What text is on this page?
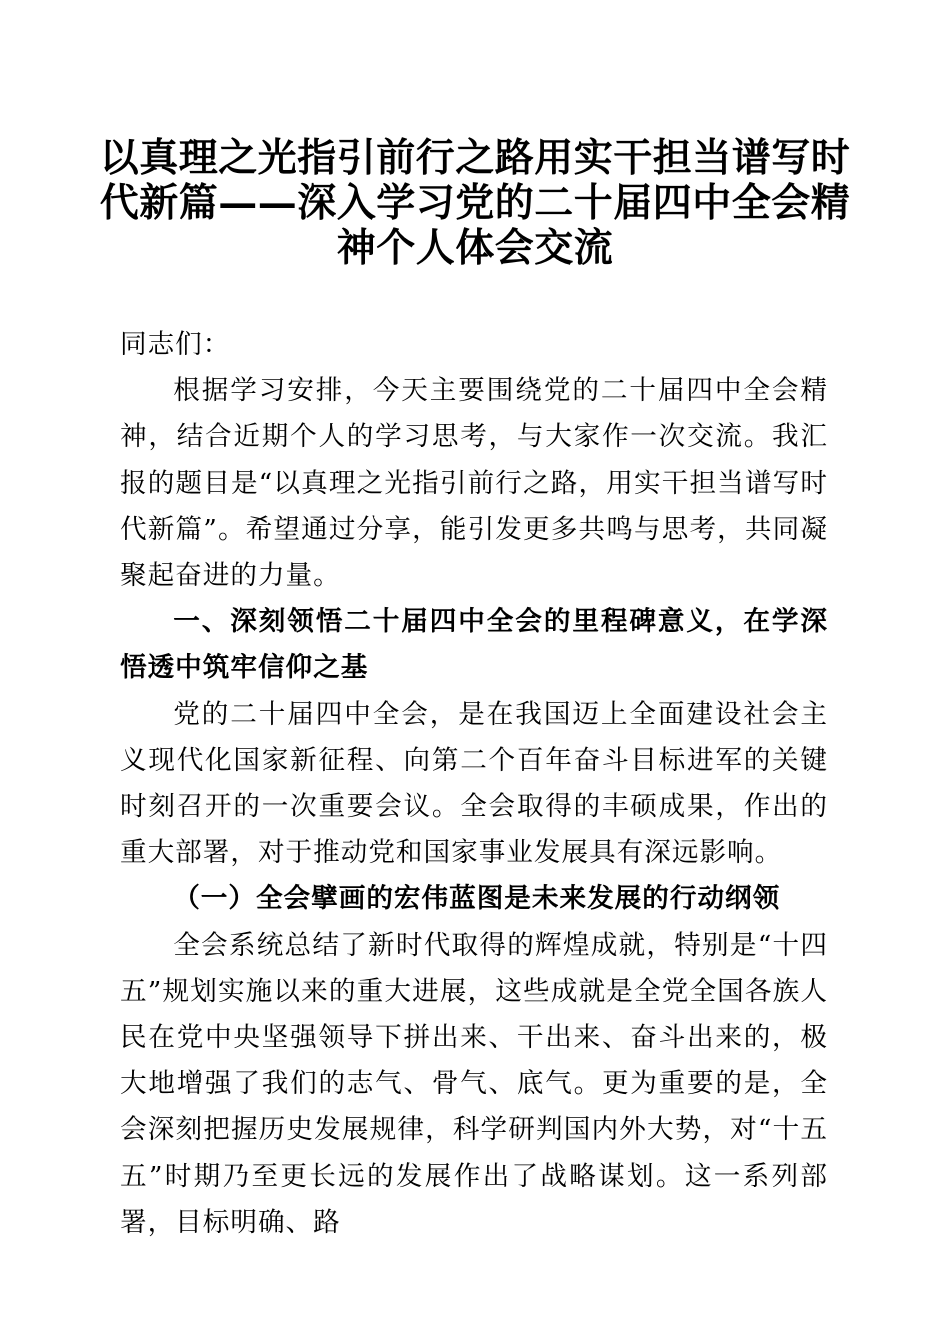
以真理之光指引前行之路用实干担当谱写时代新篇——深入学习党的二十届四中全会精神个人体会交流

同志们：

根据学习安排，今天主要围绕党的二十届四中全会精神，结合近期个人的学习思考，与大家作一次交流。我汇报的题目是“以真理之光指引前行之路，用实干担当谱写时代新篇”。希望通过分享，能引发更多共鸣与思考，共同凝聚起奋进的力量。

一、深刻领悟二十届四中全会的里程碑意义，在学深悟透中筑牢信仰之基

党的二十届四中全会，是在我国迈上全面建设社会主义现代化国家新征程、向第二个百年奋斗目标进军的关键时刻召开的一次重要会议。全会取得的丰硕成果，作出的重大部署，对于推动党和国家事业发展具有深远影响。

（一）全会擘画的宏伟蓝图是未来发展的行动纲领

全会系统总结了新时代取得的辉煌成就，特别是“十四五”规划实施以来的重大进展，这些成就是全党全国各族人民在党中央坚强领导下拼出来、干出来、奋斗出来的，极大地增强了我们的志气、骨气、底气。更为重要的是，全会深刻把握历史发展规律，科学研判国内外大势，对“十五五”时期乃至更长远的发展作出了战略谋划。这一系列部署，目标明确、路
